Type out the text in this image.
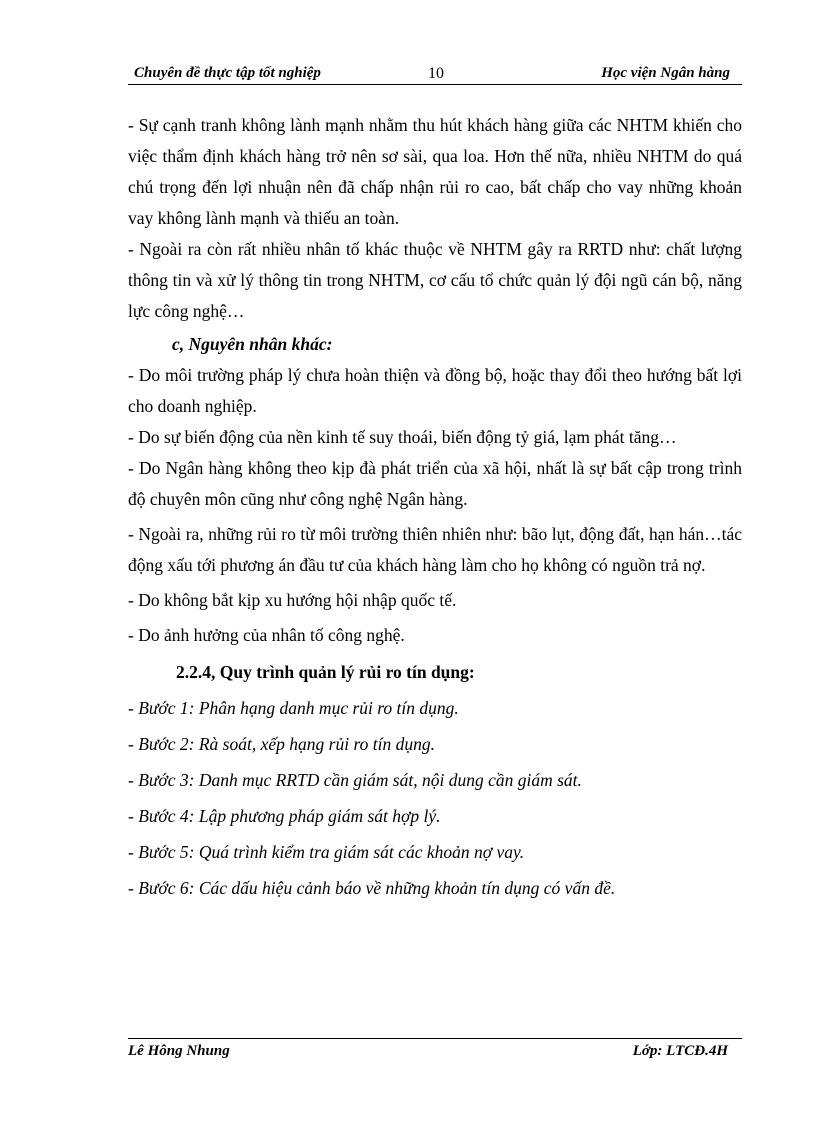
Chuyên đề thực tập tốt nghiệp	10	Học viện Ngân hàng

- Sự cạnh tranh không lành mạnh nhằm thu hút khách hàng giữa các NHTM khiến cho việc thẩm định khách hàng trở nên sơ sài, qua loa. Hơn thế nữa, nhiều NHTM do quá chú trọng đến lợi nhuận nên đã chấp nhận rủi ro cao, bất chấp cho vay những khoản vay không lành mạnh và thiếu an toàn.

- Ngoài ra còn rất nhiều nhân tố khác thuộc về NHTM gây ra RRTD như: chất lượng thông tin và xử lý thông tin trong NHTM, cơ cấu tổ chức quản lý đội ngũ cán bộ, năng lực công nghệ…

c, Nguyên nhân khác:

- Do môi trường pháp lý chưa hoàn thiện và đồng bộ, hoặc thay đổi theo hướng bất lợi cho doanh nghiệp.

- Do sự biến động của nền kinh tế suy thoái, biến động tỷ giá, lạm phát tăng…

- Do Ngân hàng không theo kịp đà phát triển của xã hội, nhất là sự bất cập trong trình độ chuyên môn cũng như công nghệ Ngân hàng.

- Ngoài ra, những rủi ro từ môi trường thiên nhiên như: bão lụt, động đất, hạn hán…tác động xấu tới phương án đầu tư của khách hàng làm cho họ không có nguồn trả nợ.

- Do không bắt kịp xu hướng hội nhập quốc tế.

- Do ảnh hưởng của nhân tố công nghệ.

2.2.4, Quy trình quản lý rủi ro tín dụng:
- Bước 1: Phân hạng danh mục rủi ro tín dụng.
- Bước 2: Rà soát, xếp hạng rủi ro tín dụng.
- Bước 3: Danh mục RRTD cần giám sát, nội dung cần giám sát.
- Bước 4: Lập phương pháp giám sát hợp lý.
- Bước 5: Quá trình kiểm tra giám sát các khoản nợ vay.
- Bước 6: Các dấu hiệu cảnh báo về những khoản tín dụng có vấn đề.
Lê Hông Nhung	Lớp: LTCĐ.4H
